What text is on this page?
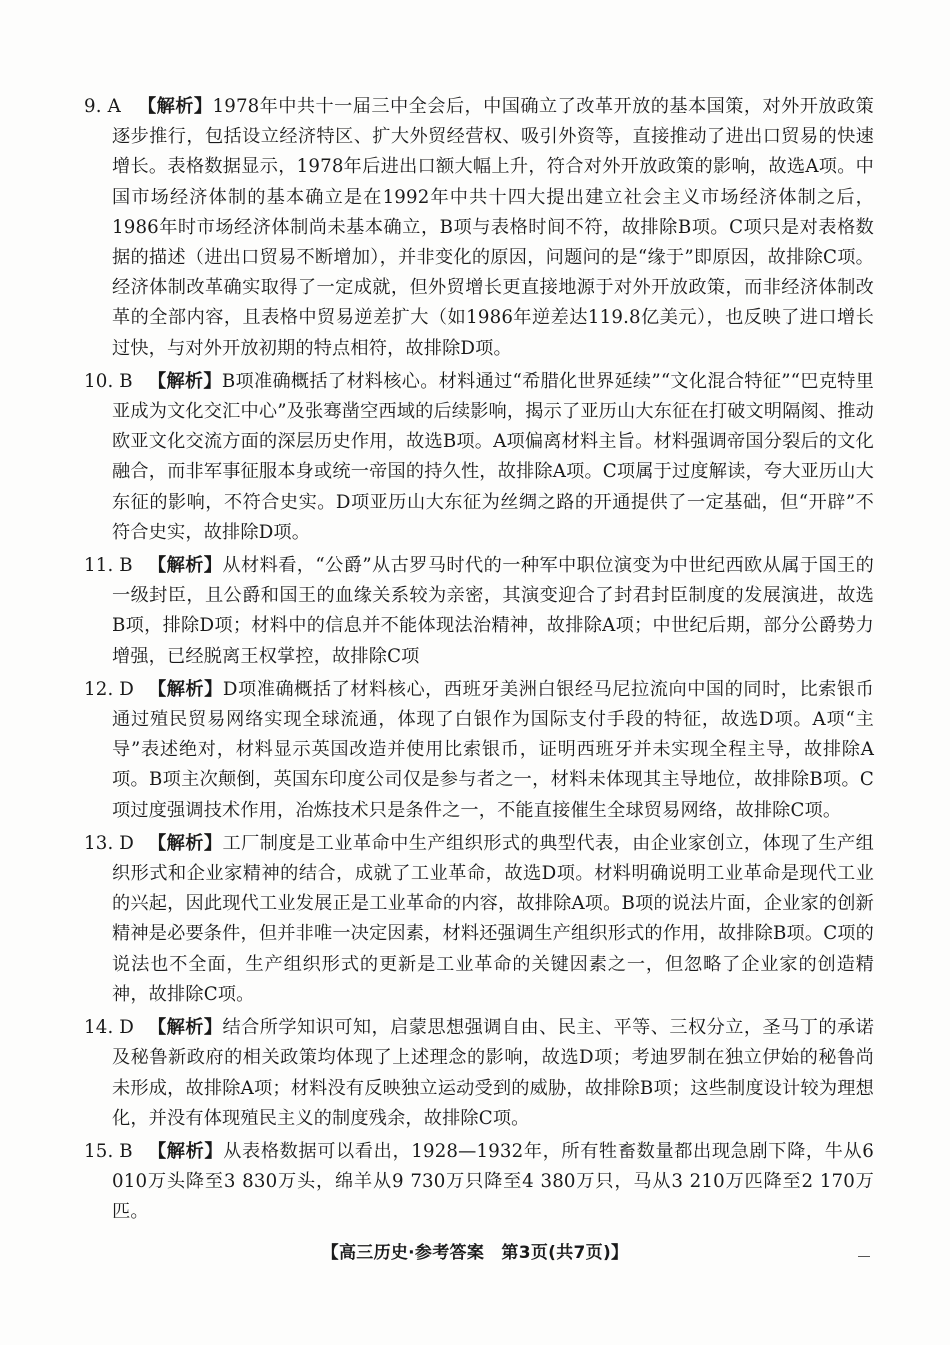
9. A 【解析】1978年中共十一届三中全会后，中国确立了改革开放的基本国策，对外开放政策逐步推行，包括设立经济特区、扩大外贸经营权、吸引外资等，直接推动了进出口贸易的快速增长。表格数据显示，1978年后进出口额大幅上升，符合对外开放政策的影响，故选A项。中国市场经济体制的基本确立是在1992年中共十四大提出建立社会主义市场经济体制之后，1986年时市场经济体制尚未基本确立，B项与表格时间不符，故排除B项。C项只是对表格数据的描述（进出口贸易不断增加），并非变化的原因，问题问的是“缘于”即原因，故排除C项。经济体制改革确实取得了一定成就，但外贸增长更直接地源于对外开放政策，而非经济体制改革的全部内容，且表格中贸易逆差扩大（如1986年逆差达119.8亿美元），也反映了进口增长过快，与对外开放初期的特点相符，故排除D项。
10. B 【解析】B项准确概括了材料核心。材料通过“希腊化世界延续”“文化混合特征”“巴克特里亚成为文化交汇中心”及张骞凿空西域的后续影响，揭示了亚历山大东征在打破文明隔阂、推动欧亚文化交流方面的深层历史作用，故选B项。A项偏离材料主旨。材料强调帝国分裂后的文化融合，而非军事征服本身或统一帝国的持久性，故排除A项。C项属于过度解读，夸大亚历山大东征的影响，不符合史实。D项亚历山大东征为丝绸之路的开通提供了一定基础，但“开辟”不符合史实，故排除D项。
11. B 【解析】从材料看，“公爵”从古罗马时代的一种军中职位演变为中世纪西欧从属于国王的一级封臣，且公爵和国王的血缘关系较为亲密，其演变迎合了封君封臣制度的发展演进，故选B项，排除D项；材料中的信息并不能体现法治精神，故排除A项；中世纪后期，部分公爵势力增强，已经脱离王权掌控，故排除C项
12. D 【解析】D项准确概括了材料核心，西班牙美洲白银经马尼拉流向中国的同时，比索银币通过殖民贸易网络实现全球流通，体现了白银作为国际支付手段的特征，故选D项。A项“主导”表述绝对，材料显示英国改造并使用比索银币，证明西班牙并未实现全程主导，故排除A项。B项主次颠倒，英国东印度公司仅是参与者之一，材料未体现其主导地位，故排除B项。C项过度强调技术作用，冶炼技术只是条件之一，不能直接催生全球贸易网络，故排除C项。
13. D 【解析】工厂制度是工业革命中生产组织形式的典型代表，由企业家创立，体现了生产组织形式和企业家精神的结合，成就了工业革命，故选D项。材料明确说明工业革命是现代工业的兴起，因此现代工业发展正是工业革命的内容，故排除A项。B项的说法片面，企业家的创新精神是必要条件，但并非唯一决定因素，材料还强调生产组织形式的作用，故排除B项。C项的说法也不全面，生产组织形式的更新是工业革命的关键因素之一，但忽略了企业家的创造精神，故排除C项。
14. D 【解析】结合所学知识可知，启蒙思想强调自由、民主、平等、三权分立，圣马丁的承诺及秘鲁新政府的相关政策均体现了上述理念的影响，故选D项；考迪罗制在独立伊始的秘鲁尚未形成，故排除A项；材料没有反映独立运动受到的威胁，故排除B项；这些制度设计较为理想化，并没有体现殖民主义的制度残余，故排除C项。
15. B 【解析】从表格数据可以看出，1928—1932年，所有牲畜数量都出现急剧下降，牛从6 010万头降至3 830万头，绵羊从9 730万只降至4 380万只，马从3 210万匹降至2 170万匹。
【高三历史·参考答案　第3页(共7页)】
